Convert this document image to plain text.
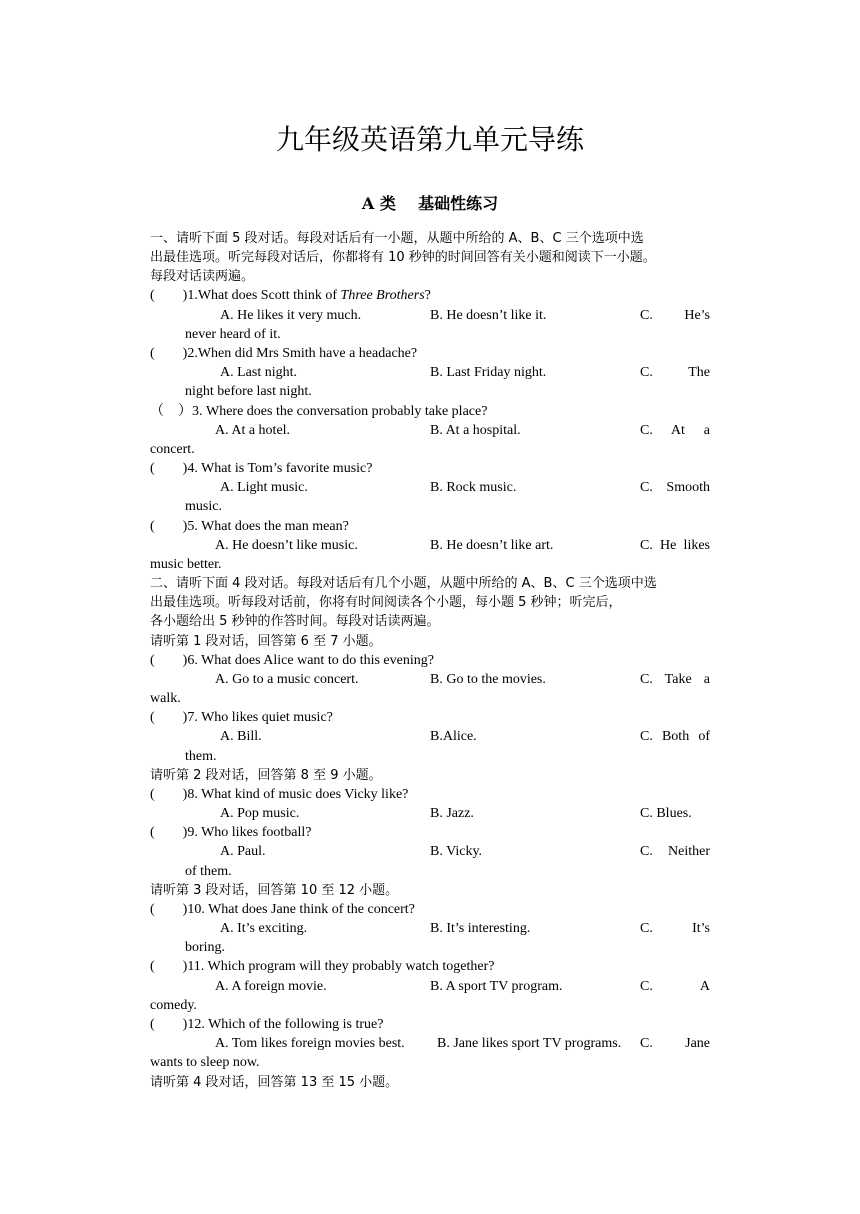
九年级英语第九单元导练
A 类    基础性练习
一、请听下面 5 段对话。每段对话后有一小题，从题中所给的 A、B、C 三个选项中选
出最佳选项。听完每段对话后，你都将有 10 秒钟的时间回答有关小题和阅读下一小题。
每段对话读两遍。
(        )1.What does Scott think of Three Brothers?
A. He likes it very much.	B. He doesn’t like it.	C. He’s
never heard of it.
(        )2.When did Mrs Smith have a headache?
A. Last night.	B. Last Friday night.	C. The
night before last night.
（    ）3. Where does the conversation probably take place?
A. At a hotel.	B. At a hospital.	C. At a
concert.
(        )4. What is Tom’s favorite music?
A. Light music.	B. Rock music.	C. Smooth
music.
(        )5. What does the man mean?
A. He doesn’t like music.	B. He doesn’t like art.	C. He likes
music better.
二、请听下面 4 段对话。每段对话后有几个小题，从题中所给的 A、B、C 三个选项中选
出最佳选项。听每段对话前，你将有时间阅读各个小题，每小题 5 秒钟；听完后，
各小题给出 5 秒钟的作答时间。每段对话读两遍。
请听第 1 段对话，回答第 6 至 7 小题。
(        )6. What does Alice want to do this evening?
A. Go to a music concert.	B. Go to the movies.	C. Take a
walk.
(        )7. Who likes quiet music?
A. Bill.	B.Alice.	C. Both of
them.
请听第 2 段对话，回答第 8 至 9 小题。
(        )8. What kind of music does Vicky like?
A. Pop music.	B. Jazz.	C. Blues.
(        )9. Who likes football?
A. Paul.	B. Vicky.	C. Neither
of them.
请听第 3 段对话，回答第 10 至 12 小题。
(        )10. What does Jane think of the concert?
A. It’s exciting.	B. It’s interesting.	C. It’s
boring.
(        )11. Which program will they probably watch together?
A. A foreign movie.	B. A sport TV program.	C. A
comedy.
(        )12. Which of the following is true?
A. Tom likes foreign movies best. B. Jane likes sport TV programs. C. Jane
wants to sleep now.
请听第 4 段对话，回答第 13 至 15 小题。
